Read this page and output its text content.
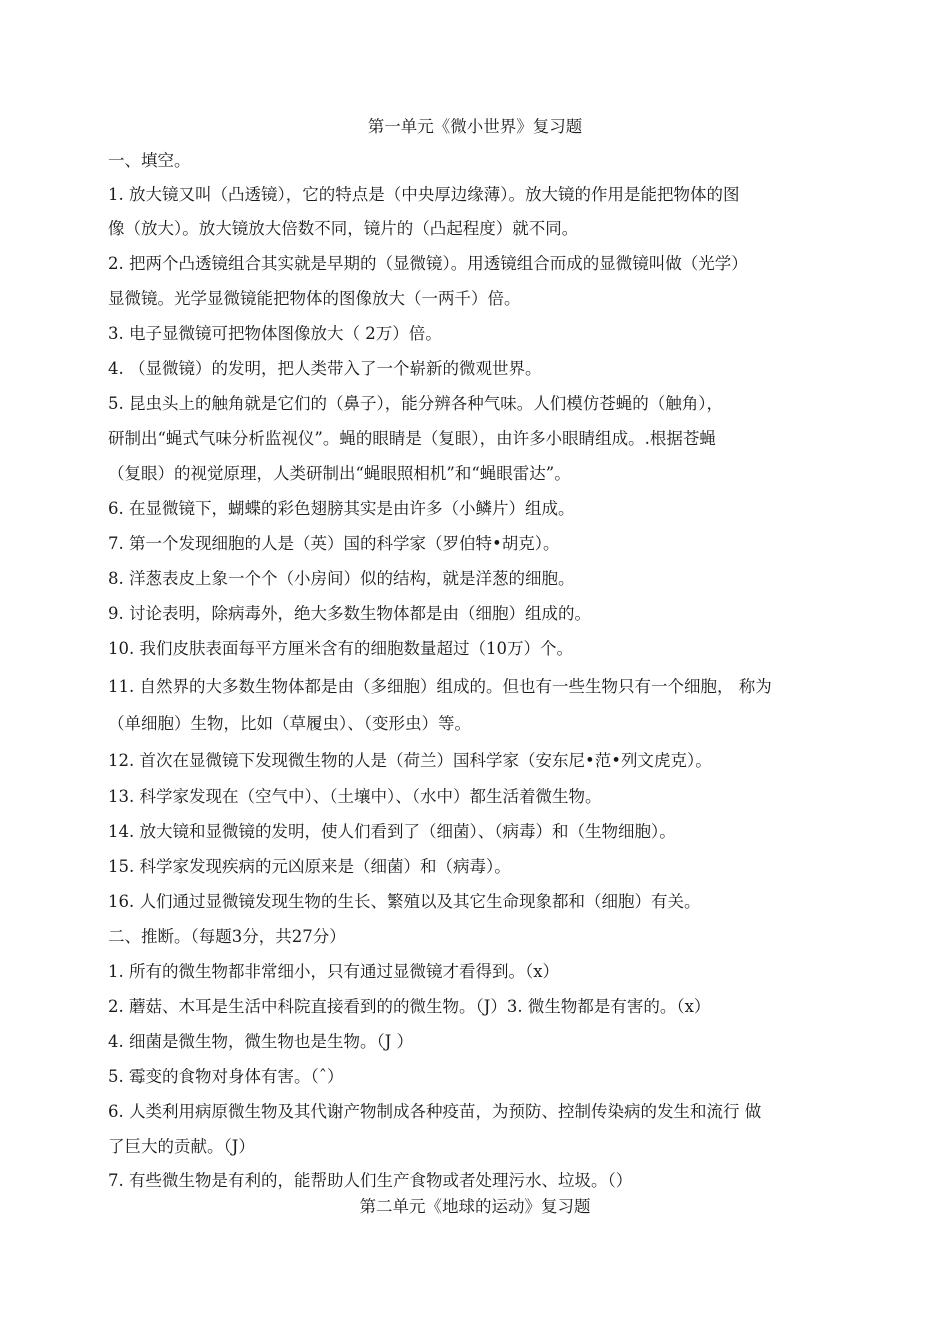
第一单元《微小世界》复习题
一、填空。
1. 放大镜又叫（凸透镜），它的特点是（中央厚边缘薄）。放大镜的作用是能把物体的图
像（放大）。放大镜放大倍数不同，镜片的（凸起程度）就不同。
2. 把两个凸透镜组合其实就是早期的（显微镜）。用透镜组合而成的显微镜叫做（光学）
显微镜。光学显微镜能把物体的图像放大（一两千）倍。
3. 电子显微镜可把物体图像放大（ 2万）倍。
4. （显微镜）的发明，把人类带入了一个崭新的微观世界。
5. 昆虫头上的触角就是它们的（鼻子），能分辨各种气味。人们模仿苍蝇的（触角），
研制出“蝇式气味分析监视仪”。蝇的眼睛是（复眼），由许多小眼睛组成。.根据苍蝇
（复眼）的视觉原理，人类研制出“蝇眼照相机”和“蝇眼雷达”。
6. 在显微镜下，蝴蝶的彩色翅膀其实是由许多（小鳞片）组成。
7. 第一个发现细胞的人是（英）国的科学家（罗伯特•胡克）。
8. 洋葱表皮上象一个个（小房间）似的结构，就是洋葱的细胞。
9. 讨论表明，除病毒外，绝大多数生物体都是由（细胞）组成的。
10. 我们皮肤表面每平方厘米含有的细胞数量超过（10万）个。
11. 自然界的大多数生物体都是由（多细胞）组成的。但也有一些生物只有一个细胞， 称为
（单细胞）生物，比如（草履虫）、（变形虫）等。
12. 首次在显微镜下发现微生物的人是（荷兰）国科学家（安东尼•范•列文虎克）。
13. 科学家发现在（空气中）、（土壤中）、（水中）都生活着微生物。
14. 放大镜和显微镜的发明，使人们看到了（细菌）、（病毒）和（生物细胞）。
15. 科学家发现疾病的元凶原来是（细菌）和（病毒）。
16. 人们通过显微镜发现生物的生长、繁殖以及其它生命现象都和（细胞）有关。
二、推断。（每题3分，共27分）
1. 所有的微生物都非常细小，只有通过显微镜才看得到。（x）
2. 蘑菇、木耳是生活中科院直接看到的的微生物。（J）3. 微生物都是有害的。（x）
4. 细菌是微生物，微生物也是生物。（J ）
5. 霉变的食物对身体有害。（ˆ）
6. 人类利用病原微生物及其代谢产物制成各种疫苗，为预防、控制传染病的发生和流行 做
了巨大的贡献。（J）
7. 有些微生物是有利的，能帮助人们生产食物或者处理污水、垃圾。（）
第二单元《地球的运动》复习题
